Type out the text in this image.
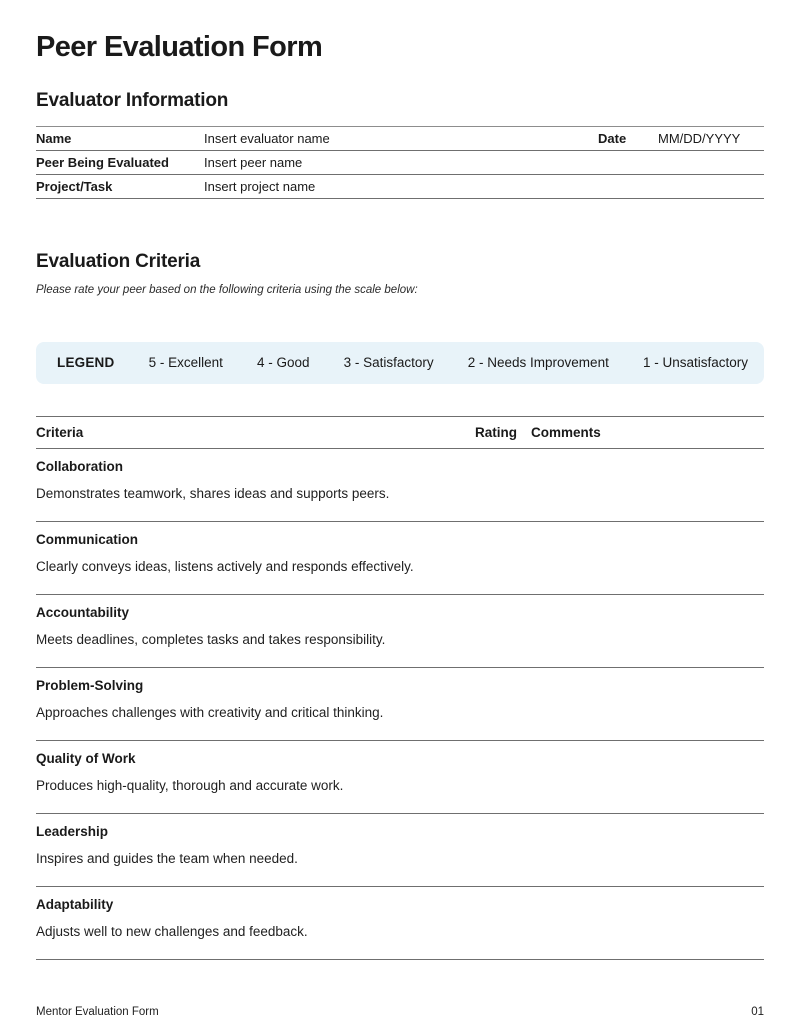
Peer Evaluation Form
Evaluator Information
Name	Insert evaluator name	Date	MM/DD/YYYY
Peer Being Evaluated	Insert peer name
Project/Task	Insert project name
Evaluation Criteria
Please rate your peer based on the following criteria using the scale below:
LEGEND	5 - Excellent	4 - Good	3 - Satisfactory	2 - Needs Improvement	1 - Unsatisfactory
Criteria	Rating	Comments
Collaboration
Demonstrates teamwork, shares ideas and supports peers.
Communication
Clearly conveys ideas, listens actively and responds effectively.
Accountability
Meets deadlines, completes tasks and takes responsibility.
Problem-Solving
Approaches challenges with creativity and critical thinking.
Quality of Work
Produces high-quality, thorough and accurate work.
Leadership
Inspires and guides the team when needed.
Adaptability
Adjusts well to new challenges and feedback.
Mentor Evaluation Form	01
